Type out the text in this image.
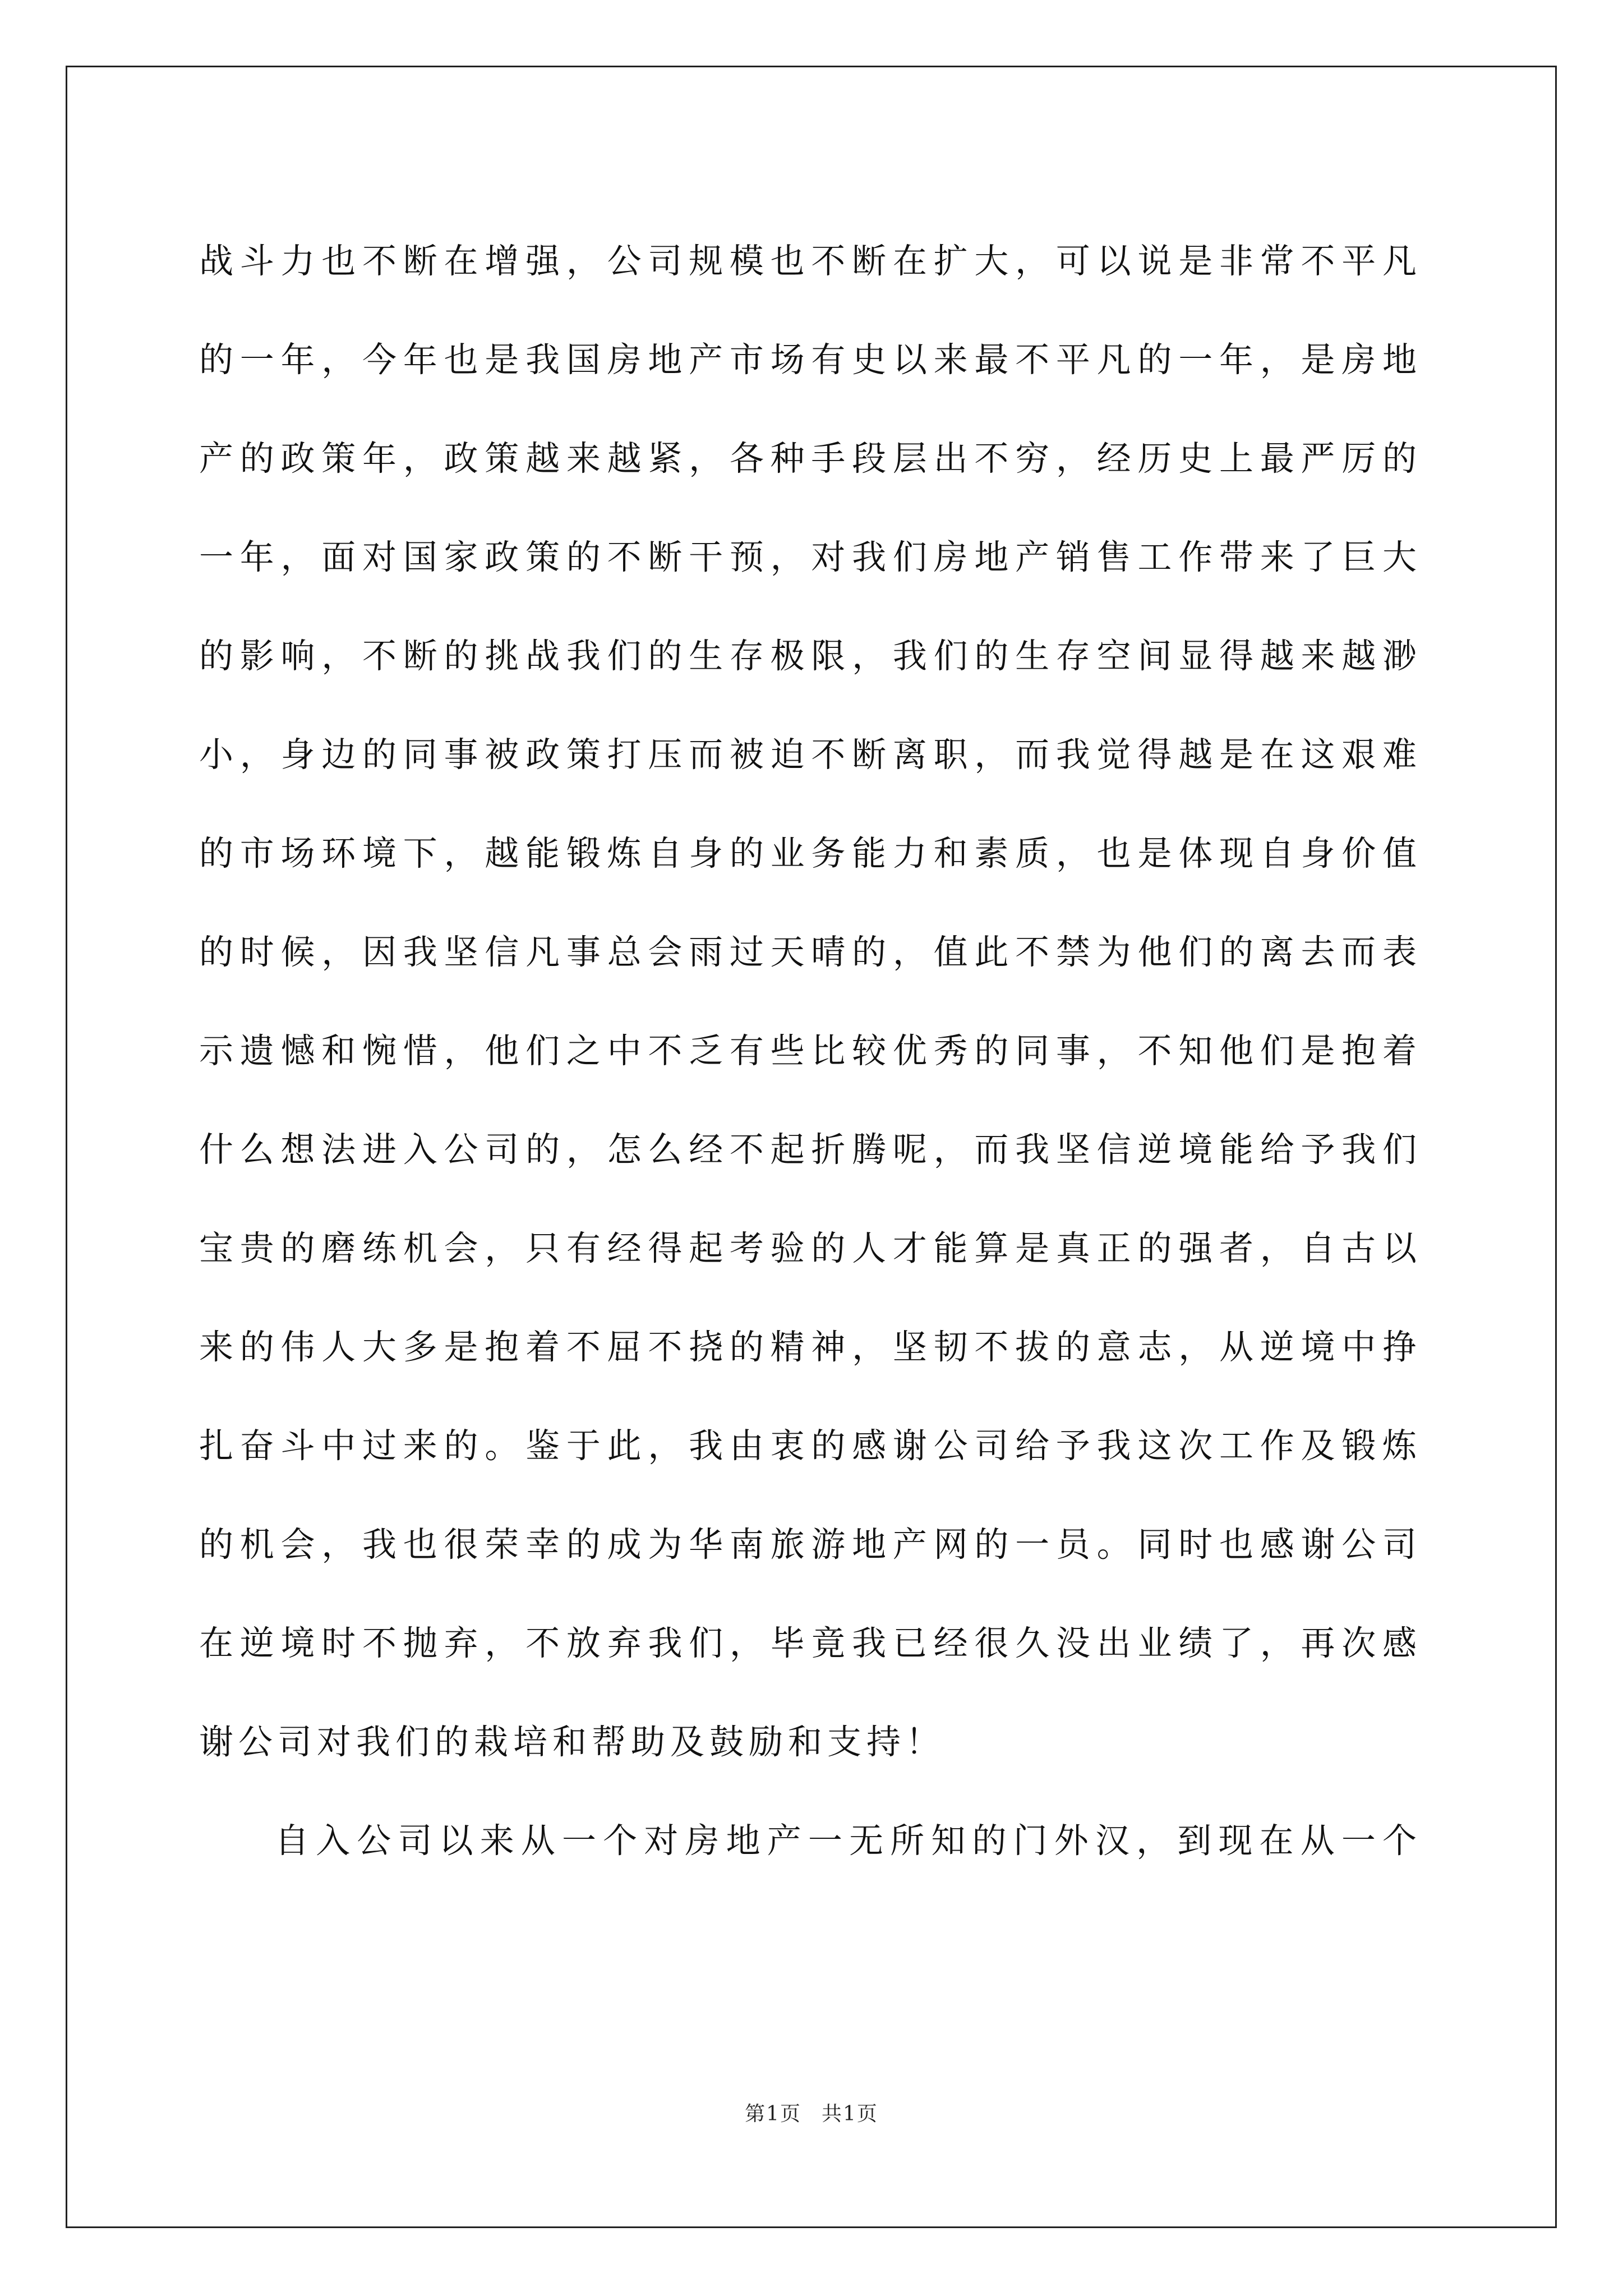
战斗力也不断在增强，公司规模也不断在扩大，可以说是非常不平凡
的一年，今年也是我国房地产市场有史以来最不平凡的一年，是房地
产的政策年，政策越来越紧，各种手段层出不穷，经历史上最严厉的
一年，面对国家政策的不断干预，对我们房地产销售工作带来了巨大
的影响，不断的挑战我们的生存极限，我们的生存空间显得越来越渺
小，身边的同事被政策打压而被迫不断离职，而我觉得越是在这艰难
的市场环境下，越能锻炼自身的业务能力和素质，也是体现自身价值
的时候，因我坚信凡事总会雨过天晴的，值此不禁为他们的离去而表
示遗憾和惋惜，他们之中不乏有些比较优秀的同事，不知他们是抱着
什么想法进入公司的，怎么经不起折腾呢，而我坚信逆境能给予我们
宝贵的磨练机会，只有经得起考验的人才能算是真正的强者，自古以
来的伟人大多是抱着不屈不挠的精神，坚韧不拔的意志，从逆境中挣
扎奋斗中过来的。鉴于此，我由衷的感谢公司给予我这次工作及锻炼
的机会，我也很荣幸的成为华南旅游地产网的一员。同时也感谢公司
在逆境时不抛弃，不放弃我们，毕竟我已经很久没出业绩了，再次感
谢公司对我们的栽培和帮助及鼓励和支持！
自入公司以来从一个对房地产一无所知的门外汉，到现在从一个
第1页 共1页
